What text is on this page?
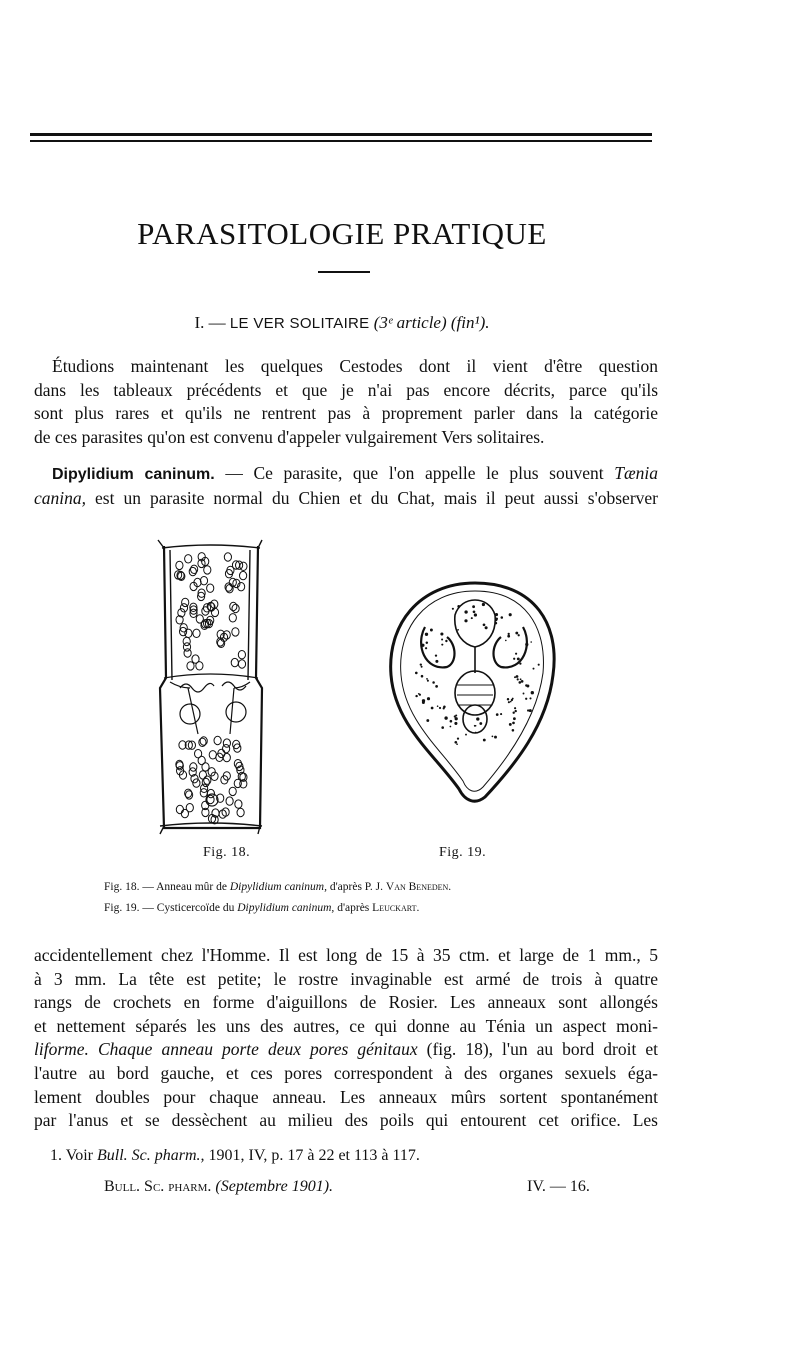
PARASITOLOGIE PRATIQUE
I. — LE VER SOLITAIRE (3ᵉ article) (fin¹).
Étudions maintenant les quelques Cestodes dont il vient d'être question
dans les tableaux précédents et que je n'ai pas encore décrits, parce qu'ils
sont plus rares et qu'ils ne rentrent pas à proprement parler dans la catégorie
de ces parasites qu'on est convenu d'appeler vulgairement Vers solitaires.
Dipylidium caninum. — Ce parasite, que l'on appelle le plus souvent Tænia
canina, est un parasite normal du Chien et du Chat, mais il peut aussi s'observer
Fig. 18.	Fig. 19.
Fig. 18. — Anneau mûr de Dipylidium caninum, d'après P. J. Van Beneden.
Fig. 19. — Cysticercoïde du Dipylidium caninum, d'après Leuckart.
accidentellement chez l'Homme. Il est long de 15 à 35 ctm. et large de 1 mm., 5
à 3 mm. La tête est petite; le rostre invaginable est armé de trois à quatre
rangs de crochets en forme d'aiguillons de Rosier. Les anneaux sont allongés
et nettement séparés les uns des autres, ce qui donne au Ténia un aspect moni-
liforme. Chaque anneau porte deux pores génitaux (fig. 18), l'un au bord droit et
l'autre au bord gauche, et ces pores correspondent à des organes sexuels éga-
lement doubles pour chaque anneau. Les anneaux mûrs sortent spontanément
par l'anus et se dessèchent au milieu des poils qui entourent cet orifice. Les
1. Voir Bull. Sc. pharm., 1901, IV, p. 17 à 22 et 113 à 117.
Bull. Sc. pharm. (Septembre 1901).	IV. — 16.
